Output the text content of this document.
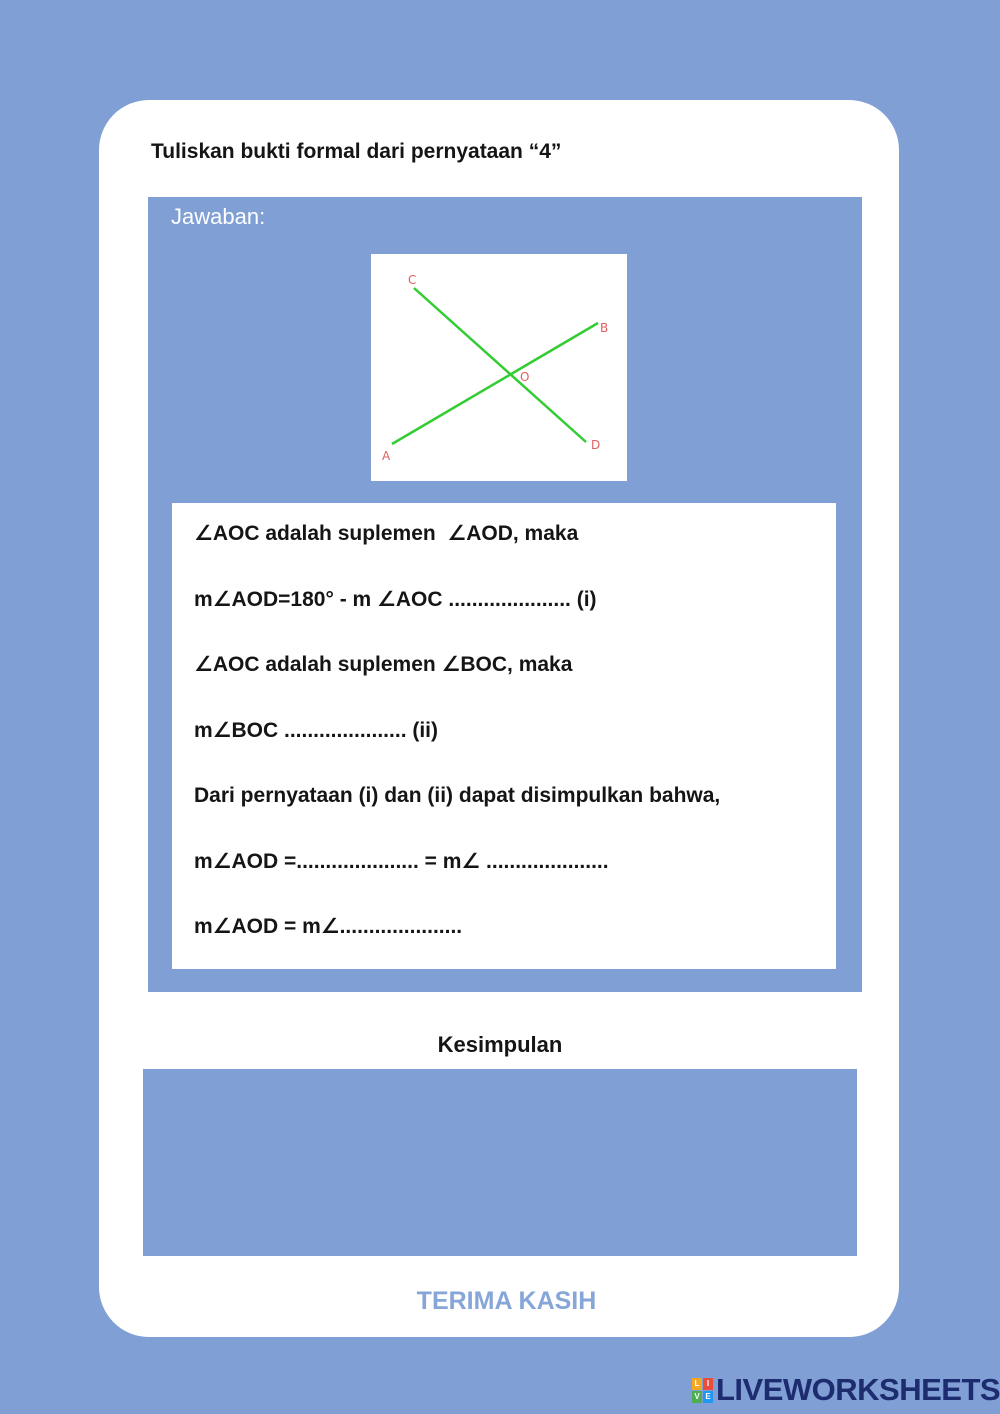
Tuliskan bukti formal dari pernyataan “4”
Jawaban:
C
B
O
D
A
∠AOC adalah suplemen  ∠AOD, maka
m∠AOD=180° - m ∠AOC ..................... (i)
∠AOC adalah suplemen ∠BOC, maka
m∠BOC ..................... (ii)
Dari pernyataan (i) dan (ii) dapat disimpulkan bahwa,
m∠AOD =..................... = m∠ .....................
m∠AOD = m∠.....................
Kesimpulan
TERIMA KASIH
L I
V E LIVEWORKSHEETS
